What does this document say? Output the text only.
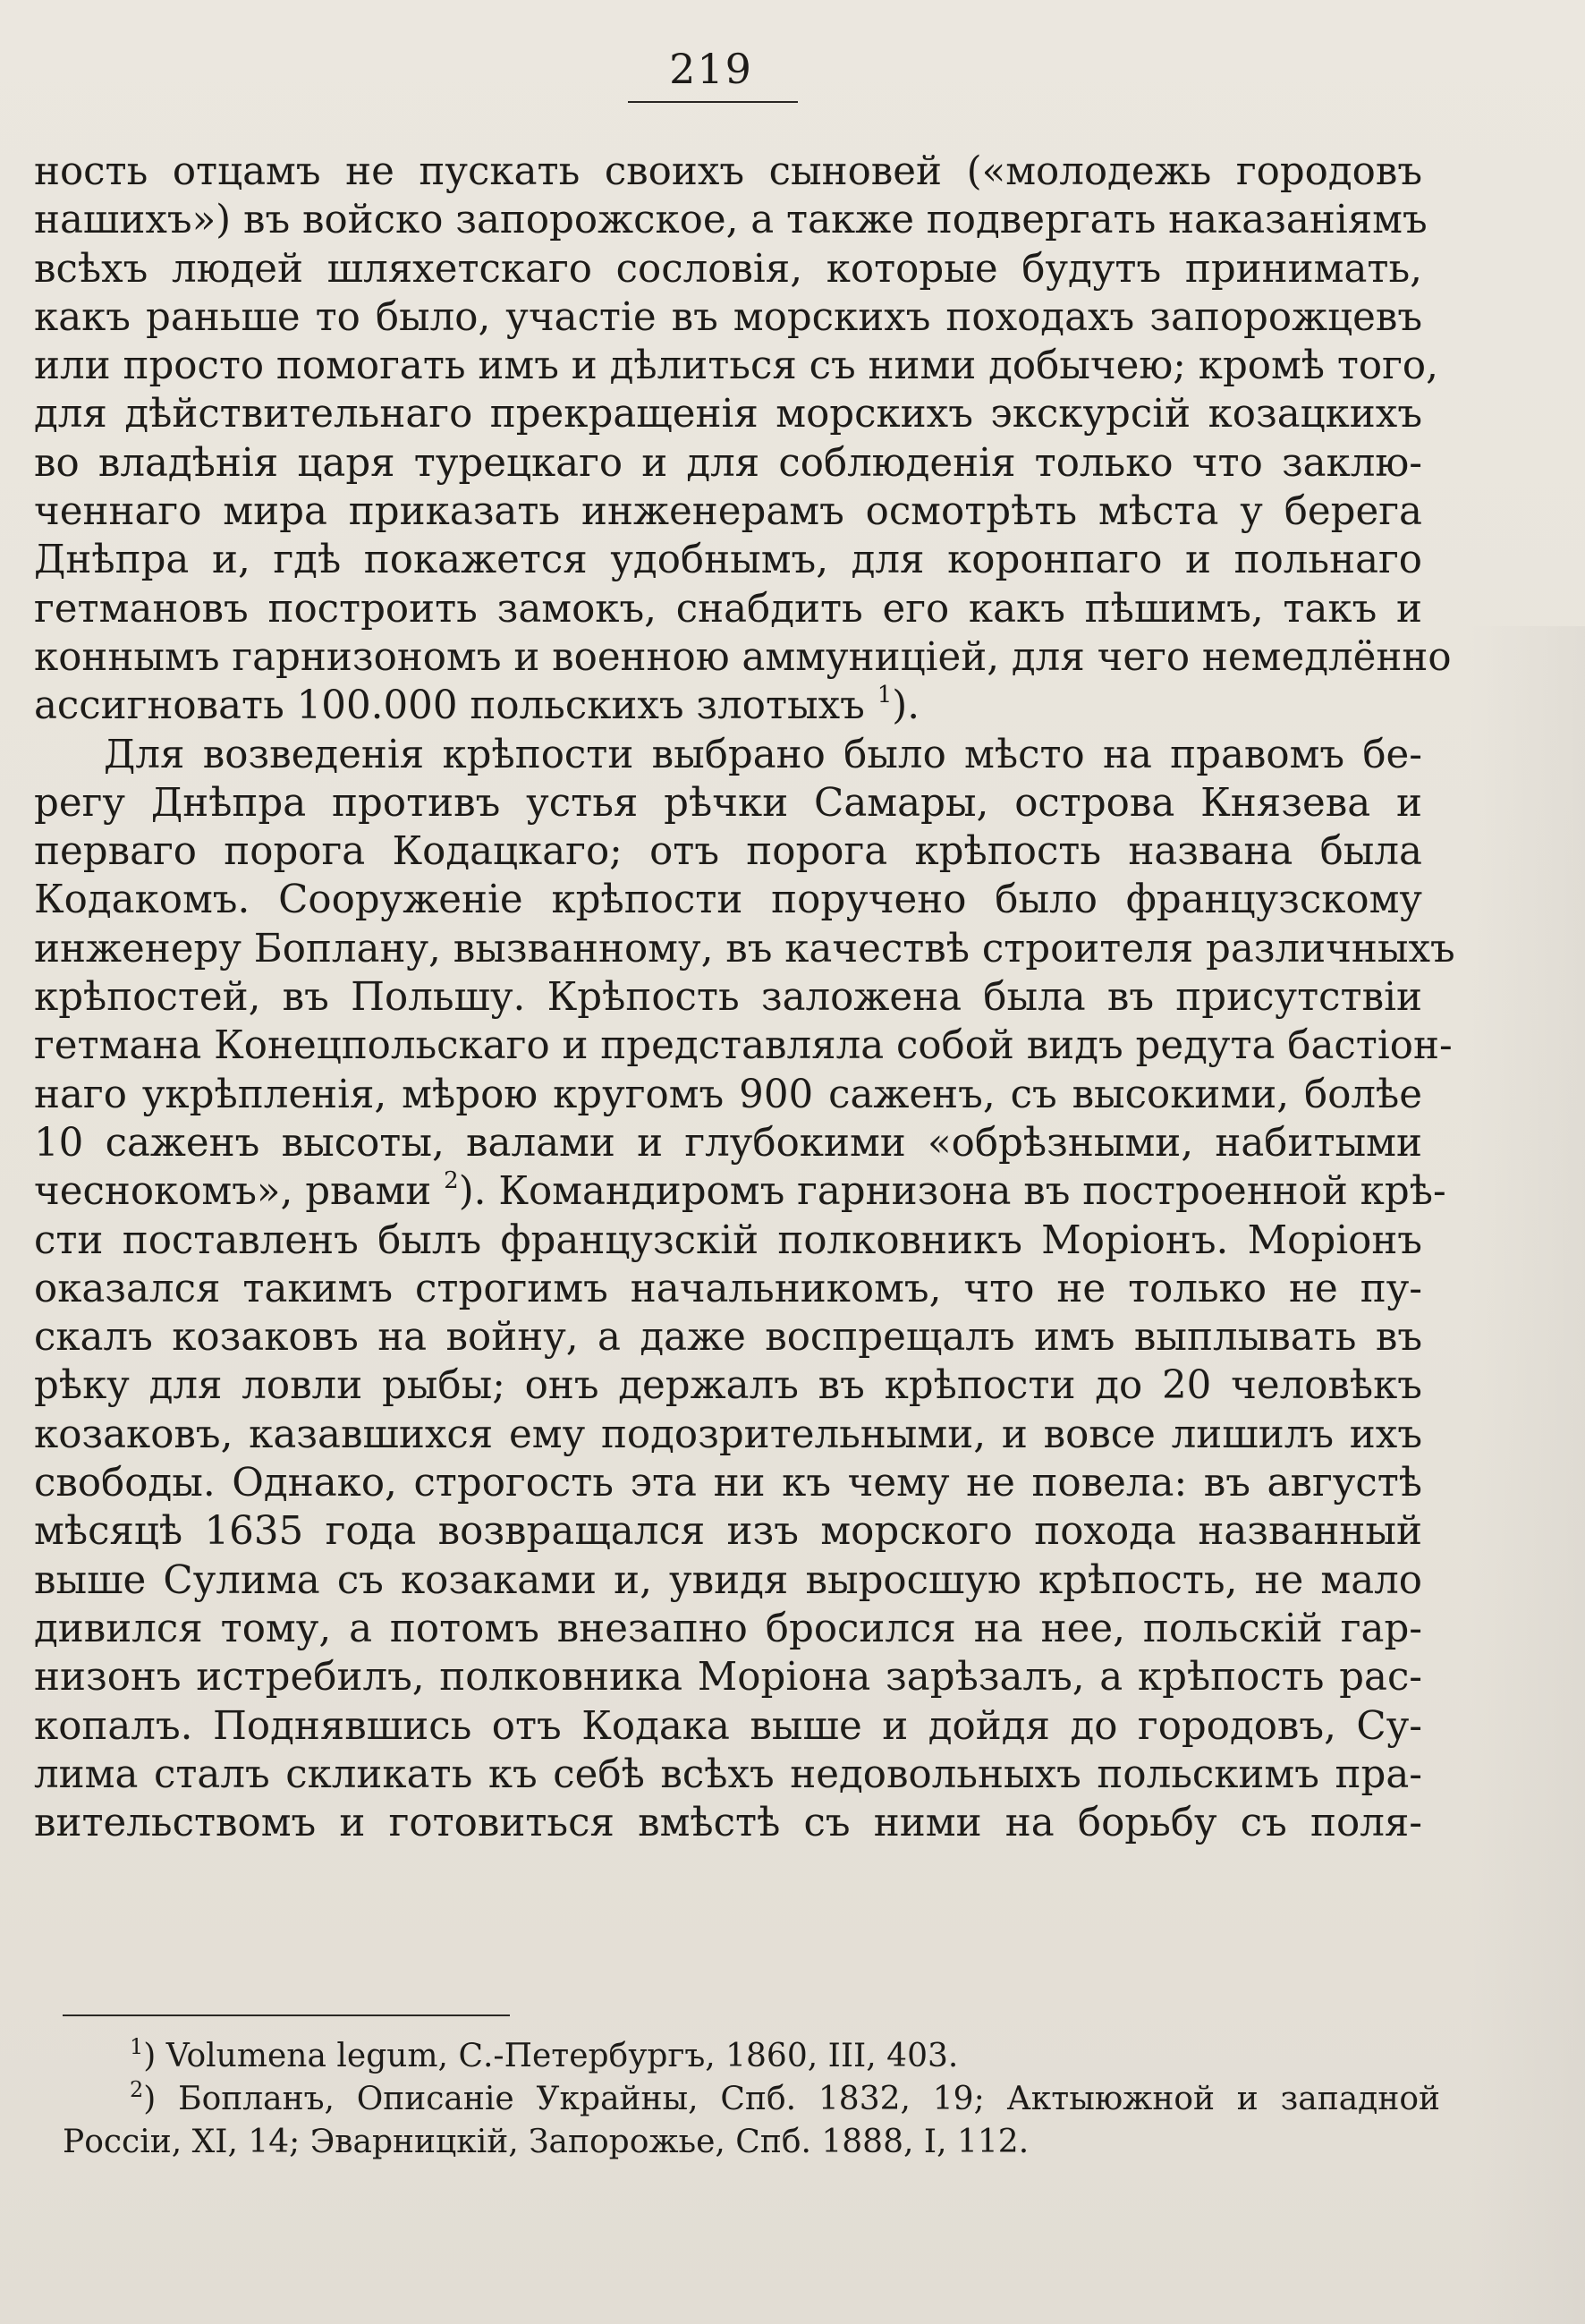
219
ность отцамъ не пускать своихъ сыновей («молодежь городовъ
нашихъ») въ войско запорожское, а также подвергать наказаніямъ
всѣхъ людей шляхетскаго сословія, которые будутъ принимать,
какъ раньше то было, участіе въ морскихъ походахъ запорожцевъ
или просто помогать имъ и дѣлиться съ ними добычею; кромѣ того,
для дѣйствительнаго прекращенія морскихъ экскурсій козацкихъ
во владѣнія царя турецкаго и для соблюденія только что заклю-
ченнаго мира приказать инженерамъ осмотрѣть мѣста у берега
Днѣпра и, гдѣ покажется удобнымъ, для коронпаго и польнаго
гетмановъ построить замокъ, снабдить его какъ пѣшимъ, такъ и
коннымъ гарнизономъ и военною аммуниціей, для чего немедлённо
ассигновать 100.000 польскихъ злотыхъ $^1$).
Для возведенія крѣпости выбрано было мѣсто на правомъ бе-
регу Днѣпра противъ устья рѣчки Самары, острова Князева и
перваго порога Кодацкаго; отъ порога крѣпость названа была
Кодакомъ. Сооруженіе крѣпости поручено было французскому
инженеру Боплану, вызванному, въ качествѣ строителя различныхъ
крѣпостей, въ Польшу. Крѣпость заложена была въ присутствіи
гетмана Конецпольскаго и представляла собой видъ редута бастіон-
наго укрѣпленія, мѣрою кругомъ 900 саженъ, съ высокими, болѣе
10 саженъ высоты, валами и глубокими «обрѣзными, набитыми
чеснокомъ», рвами $^2$). Командиромъ гарнизона въ построенной крѣ-
сти поставленъ былъ французскій полковникъ Моріонъ. Моріонъ
оказался такимъ строгимъ начальникомъ, что не только не пу-
скалъ козаковъ на войну, а даже воспрещалъ имъ выплывать въ
рѣку для ловли рыбы; онъ держалъ въ крѣпости до 20 человѣкъ
козаковъ, казавшихся ему подозрительными, и вовсе лишилъ ихъ
свободы. Однако, строгость эта ни къ чему не повела: въ августѣ
мѣсяцѣ 1635 года возвращался изъ морского похода названный
выше Сулима съ козаками и, увидя выросшую крѣпость, не мало
дивился тому, а потомъ внезапно бросился на нее, польскій гар-
низонъ истребилъ, полковника Моріона зарѣзалъ, а крѣпость рас-
копалъ. Поднявшись отъ Кодака выше и дойдя до городовъ, Су-
лима сталъ скликать къ себѣ всѣхъ недовольныхъ польскимъ пра-
вительствомъ и готовиться вмѣстѣ съ ними на борьбу съ поля-
$^1$) Volumena legum, С.-Петербургъ, 1860, III, 403.
$^2$) Бопланъ, Описаніе Украйны, Спб. 1832, 19; Актыюжной и западной
Россіи, XI, 14; Эварницкій, Запорожье, Спб. 1888, I, 112.
